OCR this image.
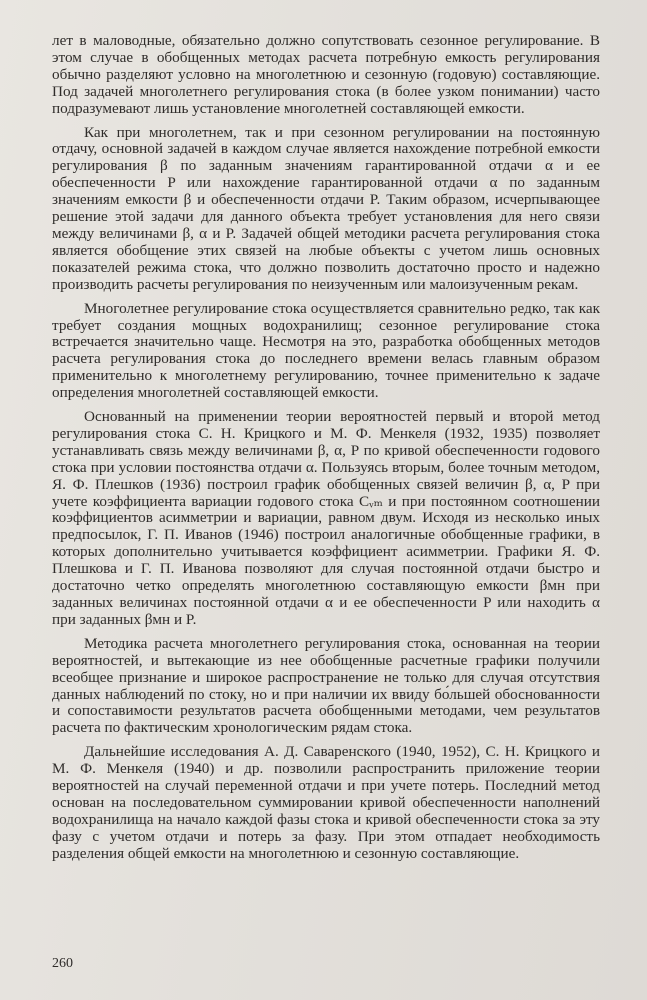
лет в маловодные, обязательно должно сопутствовать сезонное регулирование. В этом случае в обобщенных методах расчета потребную емкость регулирования обычно разделяют условно на многолетнюю и сезонную (годовую) составляющие. Под задачей многолетнего регулирования стока (в более узком понимании) часто подразумевают лишь установление многолетней составляющей емкости.

Как при многолетнем, так и при сезонном регулировании на постоянную отдачу, основной задачей в каждом случае является нахождение потребной емкости регулирования β по заданным значениям гарантированной отдачи α и ее обеспеченности P или нахождение гарантированной отдачи α по заданным значениям емкости β и обеспеченности отдачи P. Таким образом, исчерпывающее решение этой задачи для данного объекта требует установления для него связи между величинами β, α и P. Задачей общей методики расчета регулирования стока является обобщение этих связей на любые объекты с учетом лишь основных показателей режима стока, что должно позволить достаточно просто и надежно производить расчеты регулирования по неизученным или малоизученным рекам.

Многолетнее регулирование стока осуществляется сравнительно редко, так как требует создания мощных водохранилищ; сезонное регулирование стока встречается значительно чаще. Несмотря на это, разработка обобщенных методов расчета регулирования стока до последнего времени велась главным образом применительно к многолетнему регулированию, точнее применительно к задаче определения многолетней составляющей емкости.

Основанный на применении теории вероятностей первый и второй метод регулирования стока С. Н. Крицкого и М. Ф. Менкеля (1932, 1935) позволяет устанавливать связь между величинами β, α, P по кривой обеспеченности годового стока при условии постоянства отдачи α. Пользуясь вторым, более точным методом, Я. Ф. Плешков (1936) построил график обобщенных связей величин β, α, P при учете коэффициента вариации годового стока Cᵥₘ и при постоянном соотношении коэффициентов асимметрии и вариации, равном двум. Исходя из несколько иных предпосылок, Г. П. Иванов (1946) построил аналогичные обобщенные графики, в которых дополнительно учитывается коэффициент асимметрии. Графики Я. Ф. Плешкова и Г. П. Иванова позволяют для случая постоянной отдачи быстро и достаточно четко определять многолетнюю составляющую емкости βмн при заданных величинах постоянной отдачи α и ее обеспеченности P или находить α при заданных βмн и P.

Методика расчета многолетнего регулирования стока, основанная на теории вероятностей, и вытекающие из нее обобщенные расчетные графики получили всеобщее признание и широкое распространение не только для случая отсутствия данных наблюдений по стоку, но и при наличии их ввиду бо́льшей обоснованности и сопоставимости результатов расчета обобщенными методами, чем результатов расчета по фактическим хронологическим рядам стока.

Дальнейшие исследования А. Д. Саваренского (1940, 1952), С. Н. Крицкого и М. Ф. Менкеля (1940) и др. позволили распространить приложение теории вероятностей на случай переменной отдачи и при учете потерь. Последний метод основан на последовательном суммировании кривой обеспеченности наполнений водохранилища на начало каждой фазы стока и кривой обеспеченности стока за эту фазу с учетом отдачи и потерь за фазу. При этом отпадает необходимость разделения общей емкости на многолетнюю и сезонную составляющие.

260
